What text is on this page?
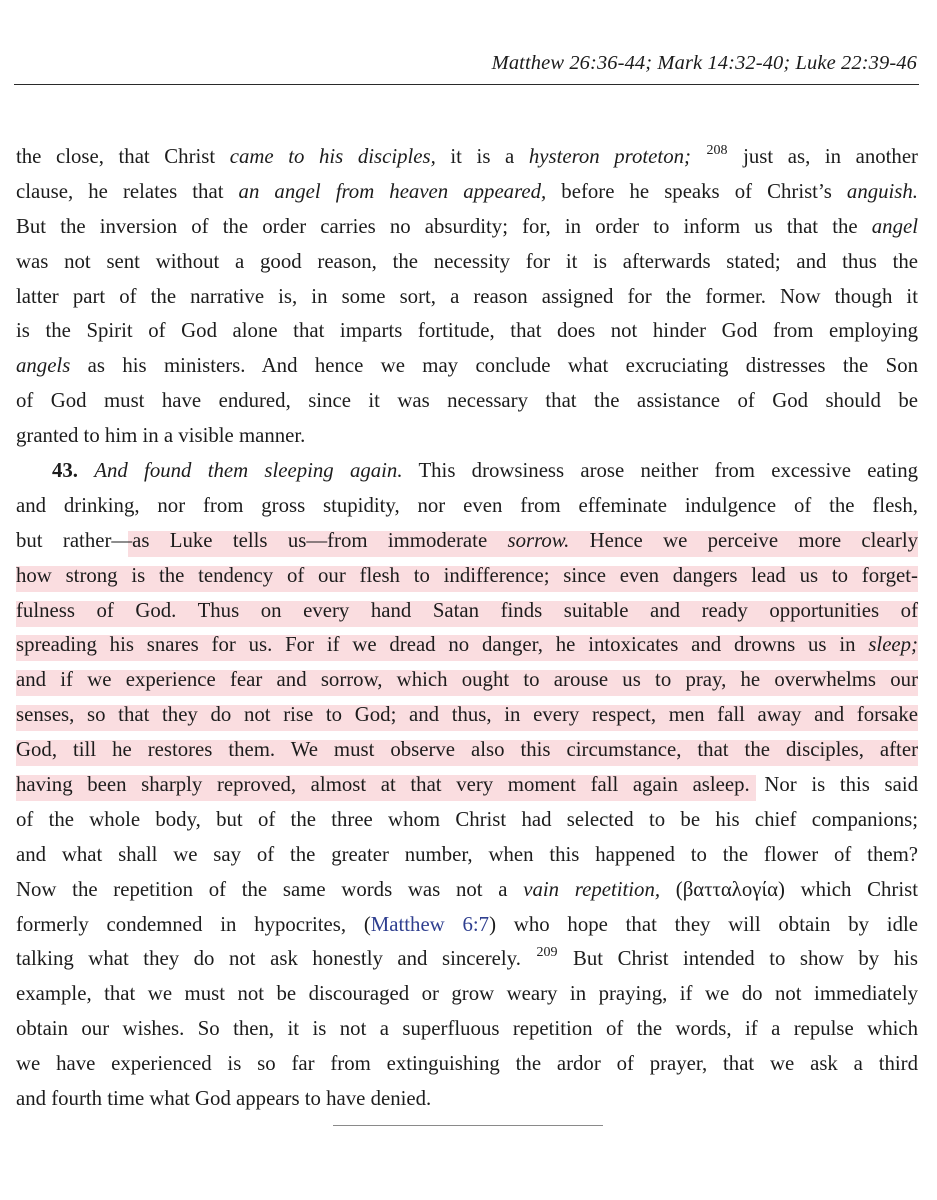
Matthew 26:36-44; Mark 14:32-40; Luke 22:39-46
the close, that Christ came to his disciples, it is a hysteron proteton; $^{208}$ just as, in another
clause, he relates that an angel from heaven appeared, before he speaks of Christ’s anguish.
But the inversion of the order carries no absurdity; for, in order to inform us that the angel
was not sent without a good reason, the necessity for it is afterwards stated; and thus the
latter part of the narrative is, in some sort, a reason assigned for the former. Now though it
is the Spirit of God alone that imparts fortitude, that does not hinder God from employing
angels as his ministers. And hence we may conclude what excruciating distresses the Son
of God must have endured, since it was necessary that the assistance of God should be
granted to him in a visible manner.
43. And found them sleeping again. This drowsiness arose neither from excessive eating
and drinking, nor from gross stupidity, nor even from effeminate indulgence of the flesh,
but rather—as Luke tells us—from immoderate sorrow. Hence we perceive more clearly
how strong is the tendency of our flesh to indifference; since even dangers lead us to forget-
fulness of God. Thus on every hand Satan finds suitable and ready opportunities of
spreading his snares for us. For if we dread no danger, he intoxicates and drowns us in sleep;
and if we experience fear and sorrow, which ought to arouse us to pray, he overwhelms our
senses, so that they do not rise to God; and thus, in every respect, men fall away and forsake
God, till he restores them. We must observe also this circumstance, that the disciples, after
having been sharply reproved, almost at that very moment fall again asleep. Nor is this said
of the whole body, but of the three whom Christ had selected to be his chief companions;
and what shall we say of the greater number, when this happened to the flower of them?
Now the repetition of the same words was not a vain repetition, (βατταλογία) which Christ
formerly condemned in hypocrites, (Matthew 6:7) who hope that they will obtain by idle
talking what they do not ask honestly and sincerely. $^{209}$ But Christ intended to show by his
example, that we must not be discouraged or grow weary in praying, if we do not immediately
obtain our wishes. So then, it is not a superfluous repetition of the words, if a repulse which
we have experienced is so far from extinguishing the ardor of prayer, that we ask a third
and fourth time what God appears to have denied.
